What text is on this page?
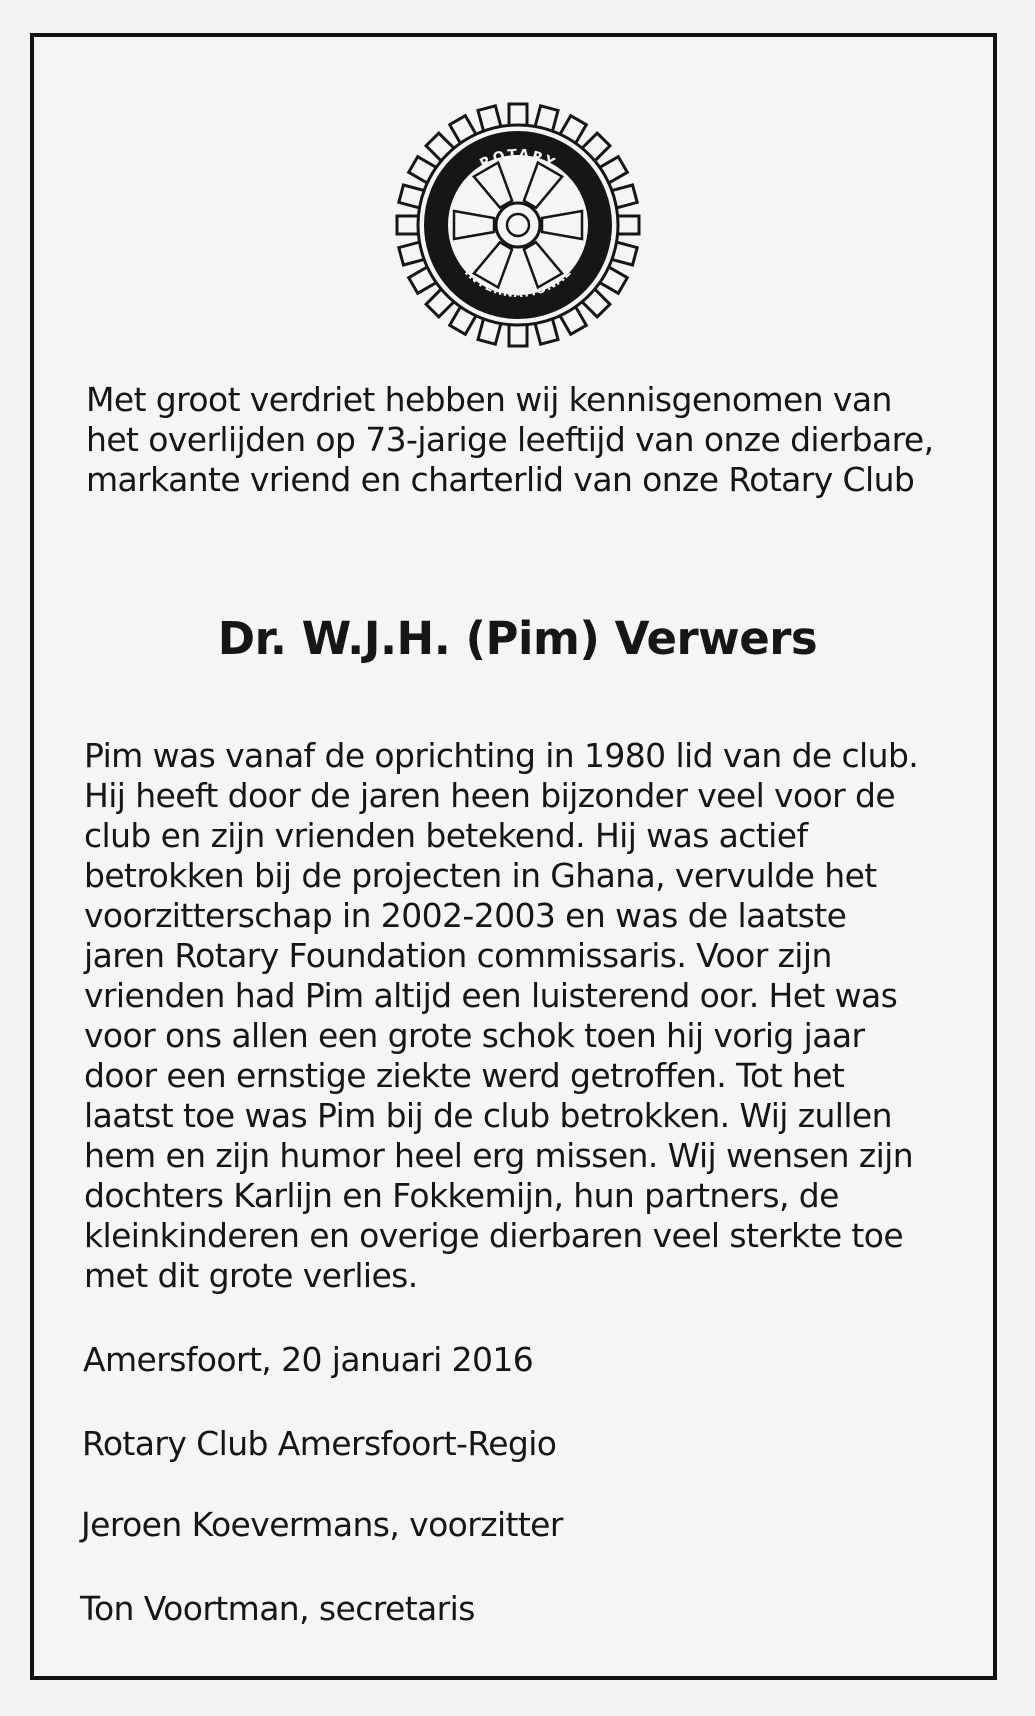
ROTARY
INTERNATIONAL

Met groot verdriet hebben wij kennisgenomen van
het overlijden op 73-jarige leeftijd van onze dierbare,
markante vriend en charterlid van onze Rotary Club

Dr. W.J.H. (Pim) Verwers

Pim was vanaf de oprichting in 1980 lid van de club.
Hij heeft door de jaren heen bijzonder veel voor de
club en zijn vrienden betekend. Hij was actief
betrokken bij de projecten in Ghana, vervulde het
voorzitterschap in 2002-2003 en was de laatste
jaren Rotary Foundation commissaris. Voor zijn
vrienden had Pim altijd een luisterend oor. Het was
voor ons allen een grote schok toen hij vorig jaar
door een ernstige ziekte werd getroffen. Tot het
laatst toe was Pim bij de club betrokken. Wij zullen
hem en zijn humor heel erg missen. Wij wensen zijn
dochters Karlijn en Fokkemijn, hun partners, de
kleinkinderen en overige dierbaren veel sterkte toe
met dit grote verlies.

Amersfoort, 20 januari 2016

Rotary Club Amersfoort-Regio

Jeroen Koevermans, voorzitter

Ton Voortman, secretaris
